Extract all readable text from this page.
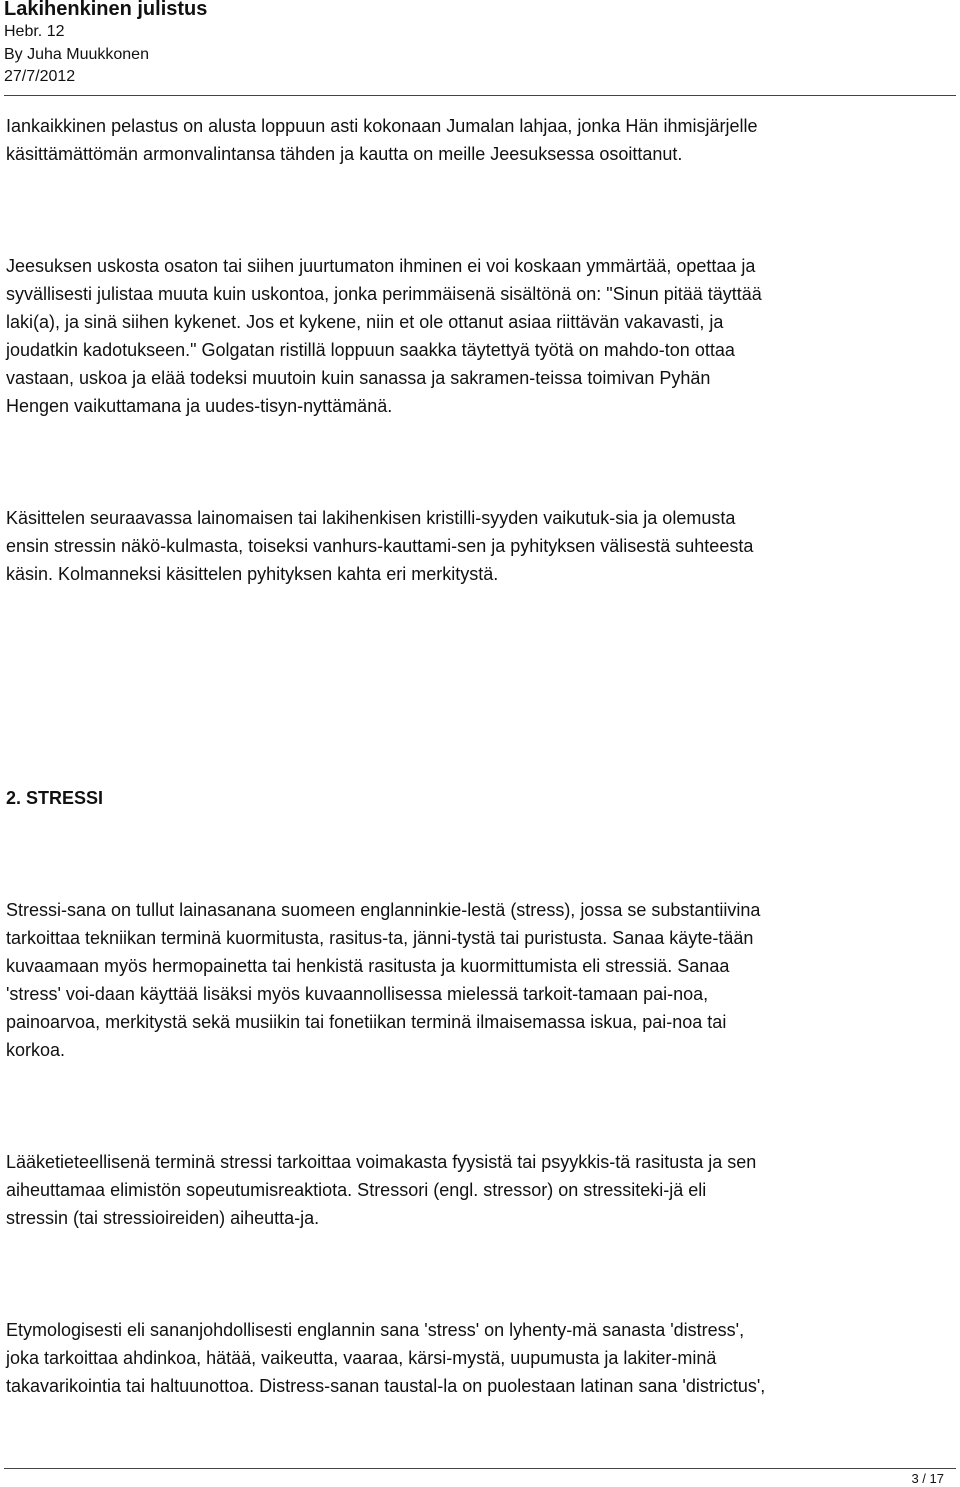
Lakihenkinen julistus

Hebr. 12

By Juha Muukkonen

27/7/2012

Iankaikkinen pelastus on alusta loppuun asti kokonaan Jumalan lahjaa, jonka Hän ihmisjärjelle

käsittämättömän armonvalintansa tähden ja kautta on meille Jeesuksessa osoittanut.

Jeesuksen uskosta osaton tai siihen juurtumaton ihminen ei voi koskaan ymmärtää, opettaa ja

syvällisesti julistaa muuta kuin uskontoa, jonka perimmäisenä sisältönä on: "Sinun pitää täyttää

laki(a), ja sinä siihen kykenet. Jos et kykene, niin et ole ottanut asiaa riittävän vakavasti, ja

joudatkin kadotukseen." Golgatan ristillä loppuun saakka täytettyä työtä on mahdo-ton ottaa

vastaan, uskoa ja elää todeksi muutoin kuin sanassa ja sakramen-teissa toimivan Pyhän

Hengen vaikuttamana ja uudes-tisyn-nyttämänä.

Käsittelen seuraavassa lainomaisen tai lakihenkisen kristilli-syyden vaikutuk-sia ja olemusta

ensin stressin näkö-kulmasta, toiseksi vanhurs-kauttami-sen ja pyhityksen välisestä suhteesta

käsin. Kolmanneksi käsittelen pyhityksen kahta eri merkitystä.

2. STRESSI

Stressi-sana on tullut lainasanana suomeen englanninkie-lestä (stress), jossa se substantiivina

tarkoittaa tekniikan terminä kuormitusta, rasitus-ta, jänni-tystä tai puristusta. Sanaa käyte-tään

kuvaamaan myös hermopainetta tai henkistä rasitusta ja kuormittumista eli stressiä. Sanaa

'stress' voi-daan käyttää lisäksi myös kuvaannollisessa mielessä tarkoit-tamaan pai-noa,

painoarvoa, merkitystä sekä musiikin tai fonetiikan terminä ilmaisemassa iskua, pai-noa tai

korkoa.

Lääketieteellisenä terminä stressi tarkoittaa voimakasta fyysistä tai psyykkis-tä rasitusta ja sen

aiheuttamaa elimistön sopeutumisreaktiota. Stressori (engl. stressor) on stressiteki-jä eli

stressin (tai stressioireiden) aiheutta-ja.

Etymologisesti eli sananjohdollisesti englannin sana 'stress' on lyhenty-mä sanasta 'distress',

joka tarkoittaa ahdinkoa, hätää, vaikeutta, vaaraa, kärsi-mystä, uupumusta ja lakiter-minä

takavarikointia tai haltuunottoa. Distress-sanan taustal-la on puolestaan latinan sana 'districtus',

3 / 17
